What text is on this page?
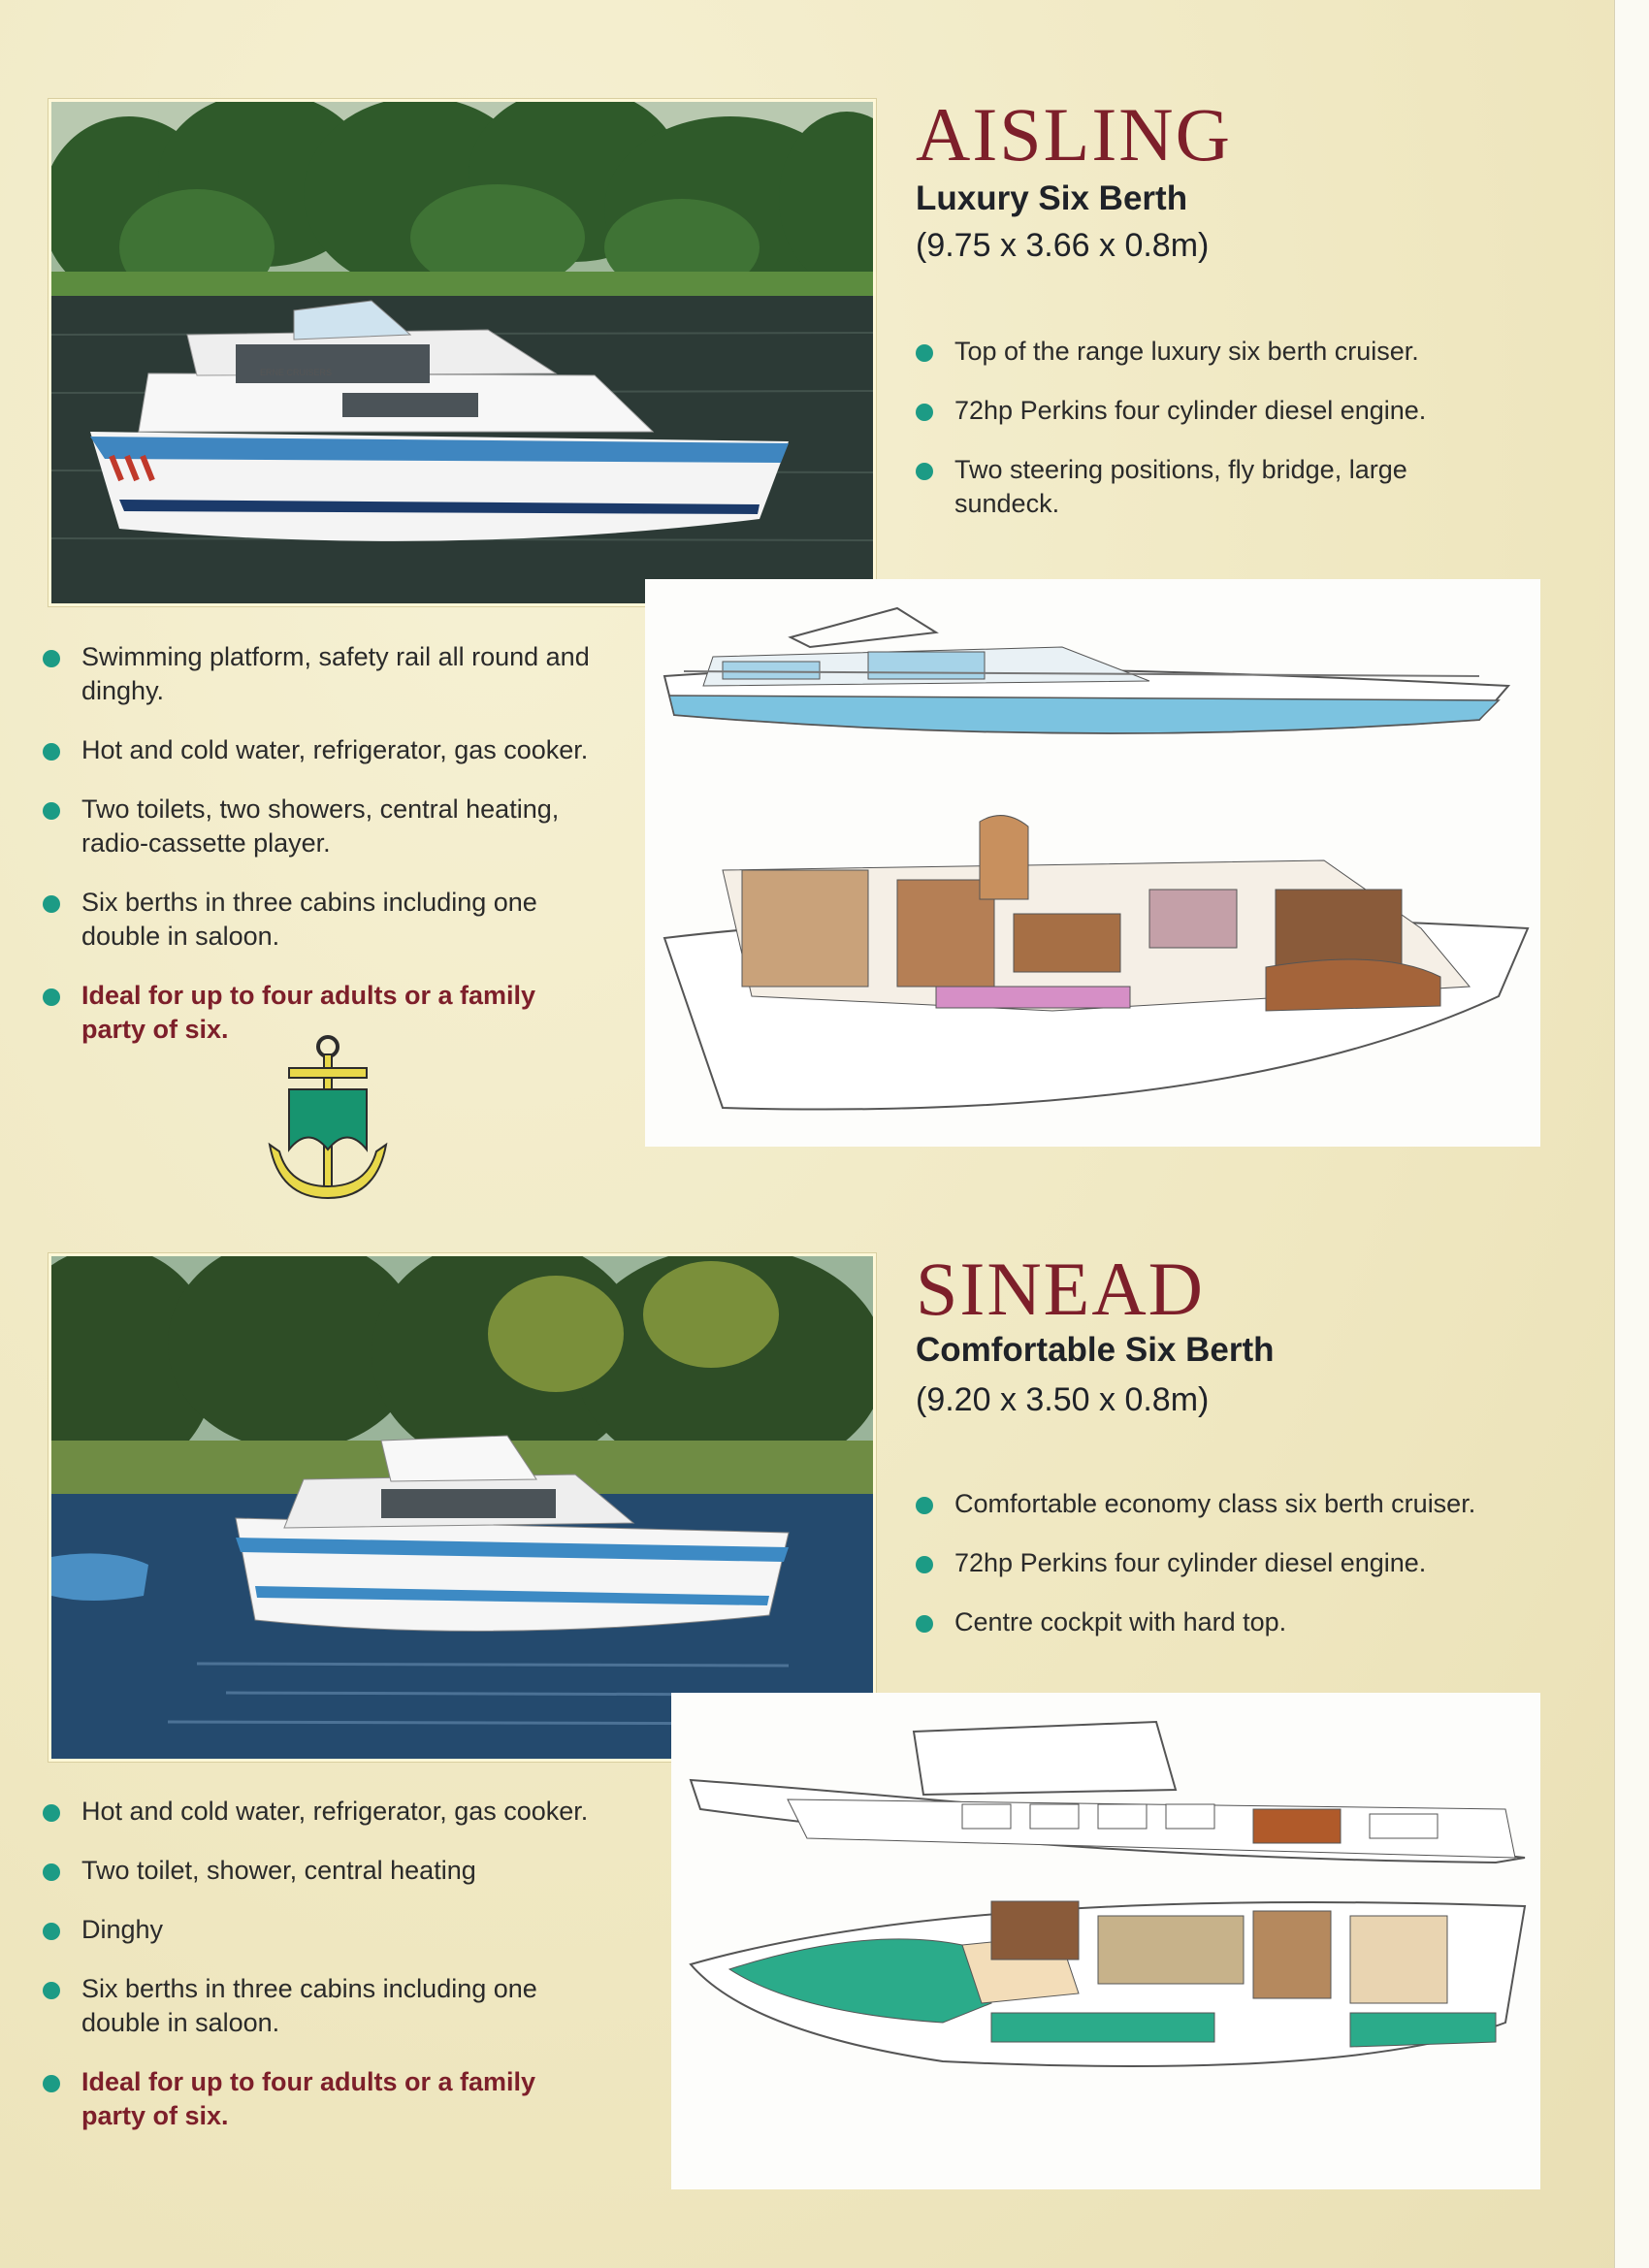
ERNE CRUISERS
AISLING
Luxury Six Berth
(9.75 x 3.66 x 0.8m)
Top of the range luxury six berth cruiser.
72hp Perkins four cylinder diesel engine.
Two steering positions, fly bridge, large sundeck.
Swimming platform, safety rail all round and dinghy.
Hot and cold water, refrigerator, gas cooker.
Two toilets, two showers, central heating, radio-cassette player.
Six berths in three cabins including one double in saloon.
Ideal for up to four adults or a family party of six.
SINEAD
Comfortable Six Berth
(9.20 x 3.50 x 0.8m)
Comfortable economy class six berth cruiser.
72hp Perkins four cylinder diesel engine.
Centre cockpit with hard top.
Hot and cold water, refrigerator, gas cooker.
Two toilet, shower, central heating
Dinghy
Six berths in three cabins including one double in saloon.
Ideal for up to four adults or a family party of six.
